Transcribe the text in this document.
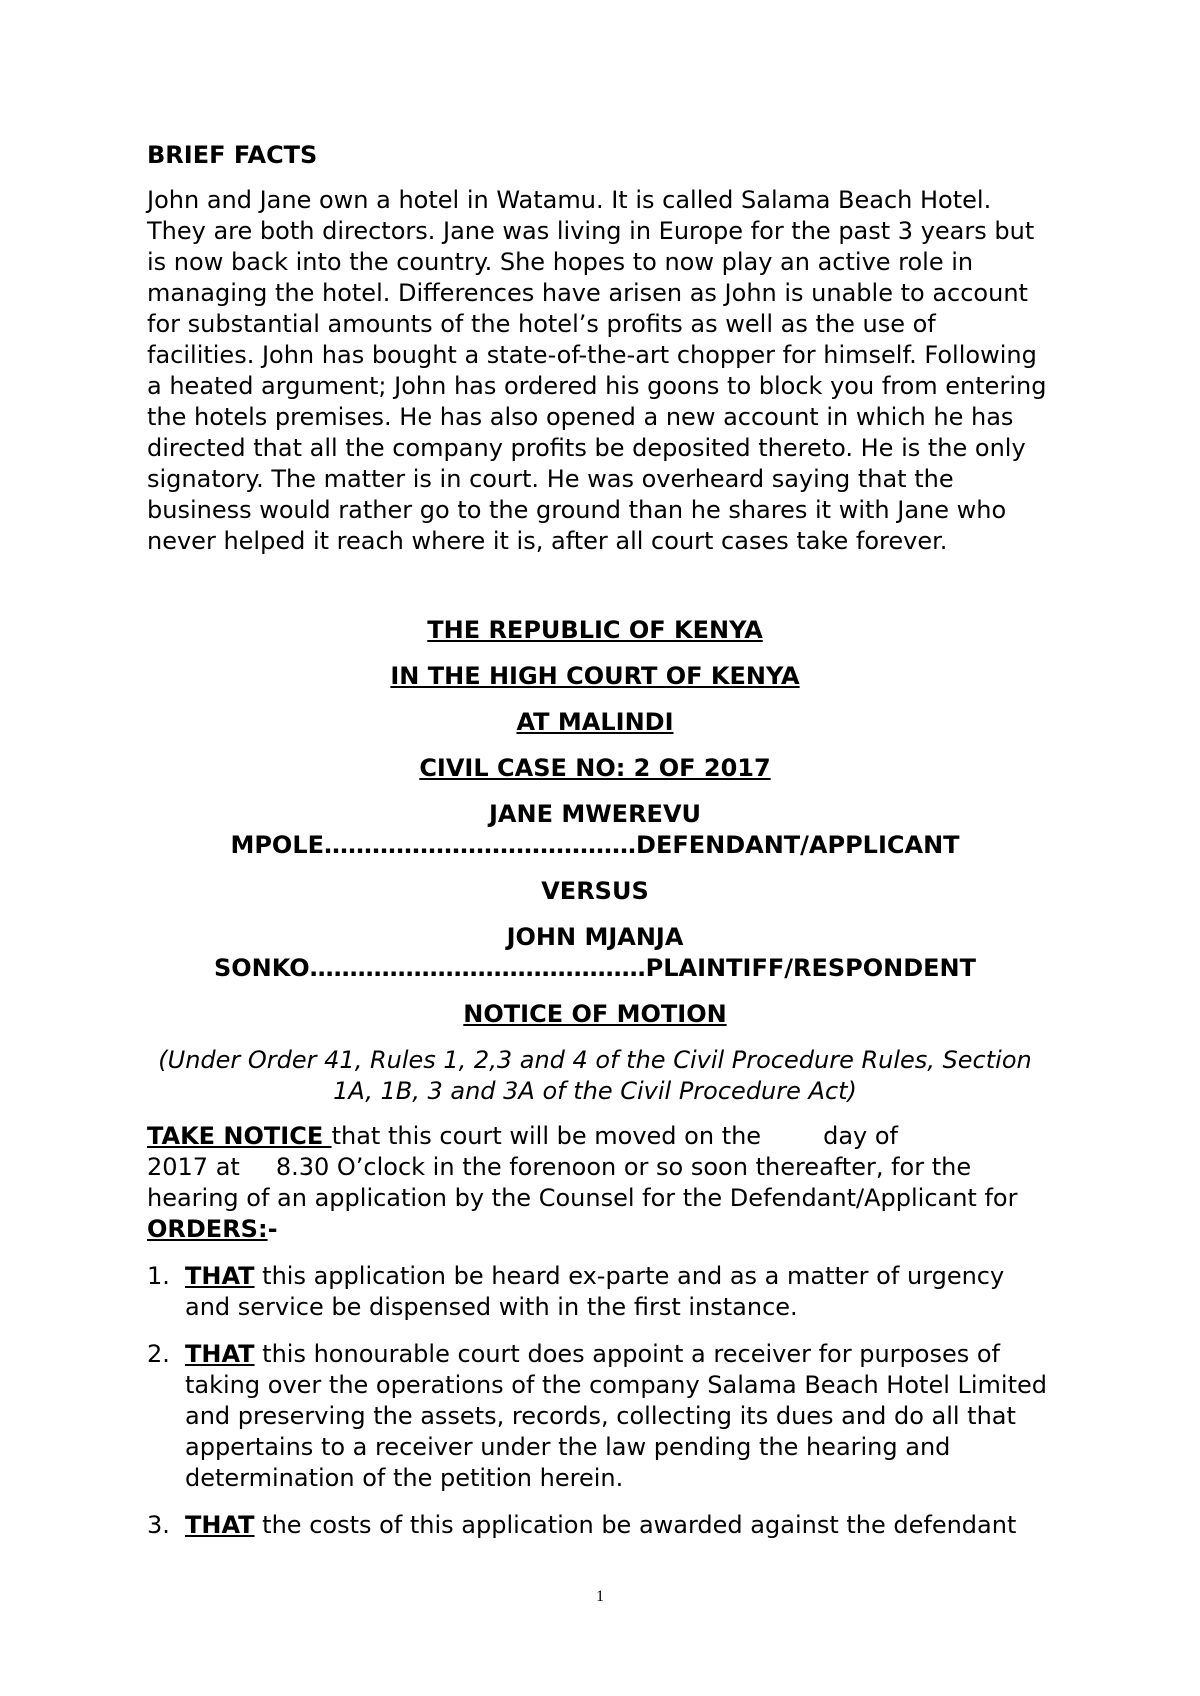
BRIEF FACTS

John and Jane own a hotel in Watamu. It is called Salama Beach Hotel.
They are both directors. Jane was living in Europe for the past 3 years but
is now back into the country. She hopes to now play an active role in
managing the hotel. Differences have arisen as John is unable to account
for substantial amounts of the hotel’s profits as well as the use of
facilities. John has bought a state-of-the-art chopper for himself. Following
a heated argument; John has ordered his goons to block you from entering
the hotels premises. He has also opened a new account in which he has
directed that all the company profits be deposited thereto. He is the only
signatory. The matter is in court. He was overheard saying that the
business would rather go to the ground than he shares it with Jane who
never helped it reach where it is, after all court cases take forever.

THE REPUBLIC OF KENYA

IN THE HIGH COURT OF KENYA

AT MALINDI

CIVIL CASE NO: 2 OF 2017

JANE MWEREVU

MPOLE…………………………………DEFENDANT/APPLICANT

VERSUS

JOHN MJANJA

SONKO……………………………………PLAINTIFF/RESPONDENT

NOTICE OF MOTION

(Under Order 41, Rules 1, 2,3 and 4 of the Civil Procedure Rules, Section

1A, 1B, 3 and 3A of the Civil Procedure Act)

TAKE NOTICE that this court will be moved on the	day of
2017 at 8.30 O’clock in the forenoon or so soon thereafter, for the
hearing of an application by the Counsel for the Defendant/Applicant for
ORDERS:-
1. THAT this application be heard ex-parte and as a matter of urgency
and service be dispensed with in the first instance.
2. THAT this honourable court does appoint a receiver for purposes of
taking over the operations of the company Salama Beach Hotel Limited
and preserving the assets, records, collecting its dues and do all that
appertains to a receiver under the law pending the hearing and
determination of the petition herein.
3. THAT the costs of this application be awarded against the defendant
1
